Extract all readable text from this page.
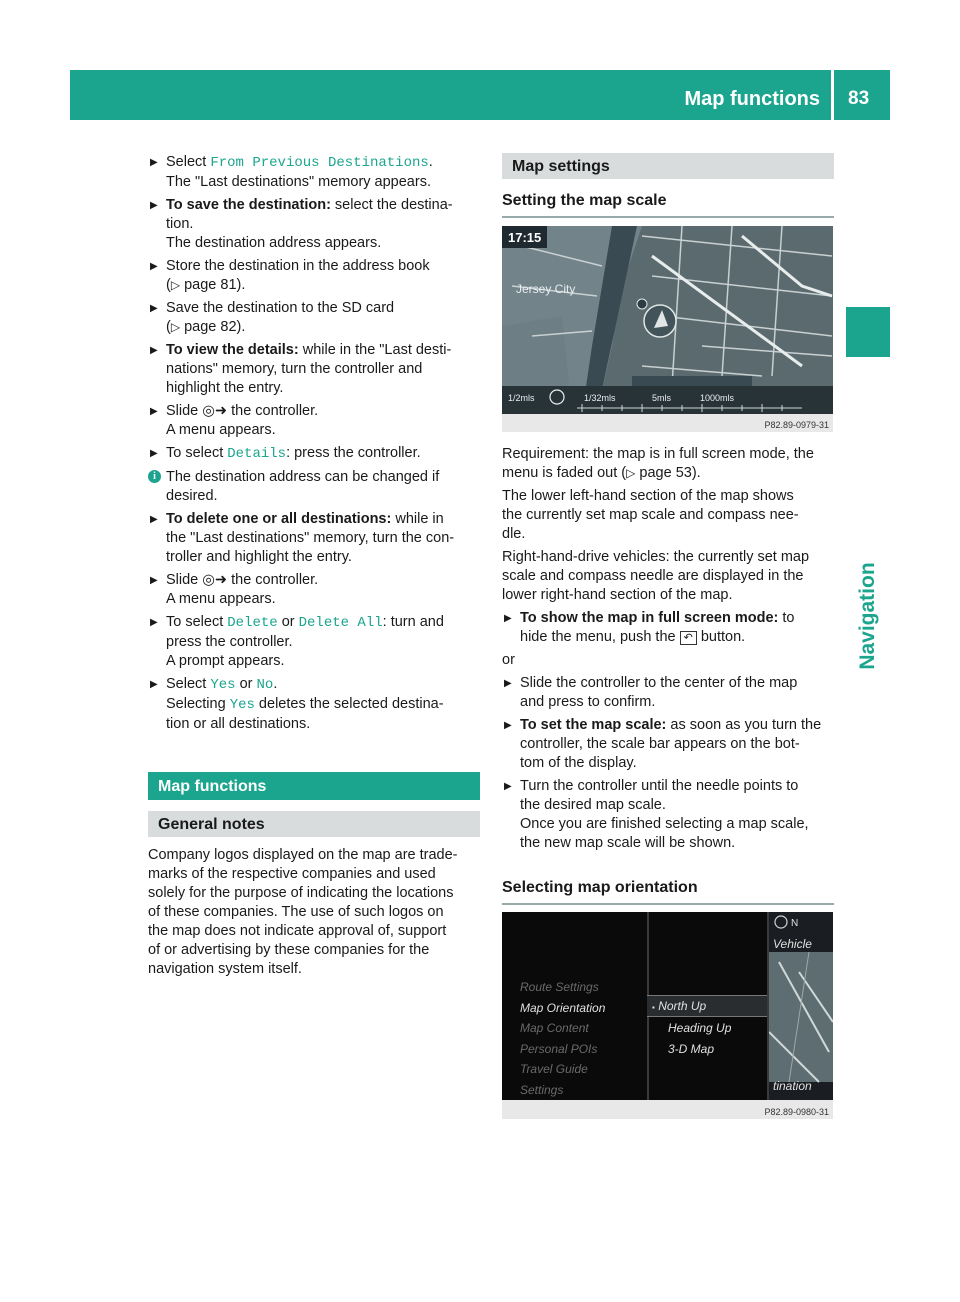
Map functions 83
Navigation

▶ Select From Previous Destinations.

The "Last destinations" memory appears.

▶ To save the destination: select the destina-

tion.

The destination address appears.

▶ Store the destination in the address book

(▷ page 81).

▶ Save the destination to the SD card

(▷ page 82).

▶ To view the details: while in the "Last desti-

nations" memory, turn the controller and

highlight the entry.

▶ Slide ◎➜ the controller.

A menu appears.

▶ To select Details: press the controller.

i The destination address can be changed if

desired.

▶ To delete one or all destinations: while in

the "Last destinations" memory, turn the con-

troller and highlight the entry.

▶ Slide ◎➜ the controller.

A menu appears.

▶ To select Delete or Delete All: turn and

press the controller.

A prompt appears.

▶ Select Yes or No.

Selecting Yes deletes the selected destina-

tion or all destinations.

Map functions
General notes

Company logos displayed on the map are trade-

marks of the respective companies and used

solely for the purpose of indicating the locations

of these companies. The use of such logos on

the map does not indicate approval of, support

of or advertising by these companies for the

navigation system itself.

Map settings
Setting the map scale
17:15
Jersey City
1/2mls	1/32mls	5mls	1000mls
P82.89-0979-31

Requirement: the map is in full screen mode, the

menu is faded out (▷ page 53).

The lower left-hand section of the map shows

the currently set map scale and compass nee-

dle.

Right-hand-drive vehicles: the currently set map

scale and compass needle are displayed in the

lower right-hand section of the map.

▶ To show the map in full screen mode: to

hide the menu, push the ↶ button.

or

▶ Slide the controller to the center of the map

and press to confirm.

▶ To set the map scale: as soon as you turn the

controller, the scale bar appears on the bot-

tom of the display.

▶ Turn the controller until the needle points to

the desired map scale.

Once you are finished selecting a map scale,

the new map scale will be shown.

Selecting map orientation
Route Settings
Map Orientation
Map Content
Personal POIs
Travel Guide
Settings
▪ North Up
Heading Up
3-D Map
N
Vehicle
tination
P82.89-0980-31
